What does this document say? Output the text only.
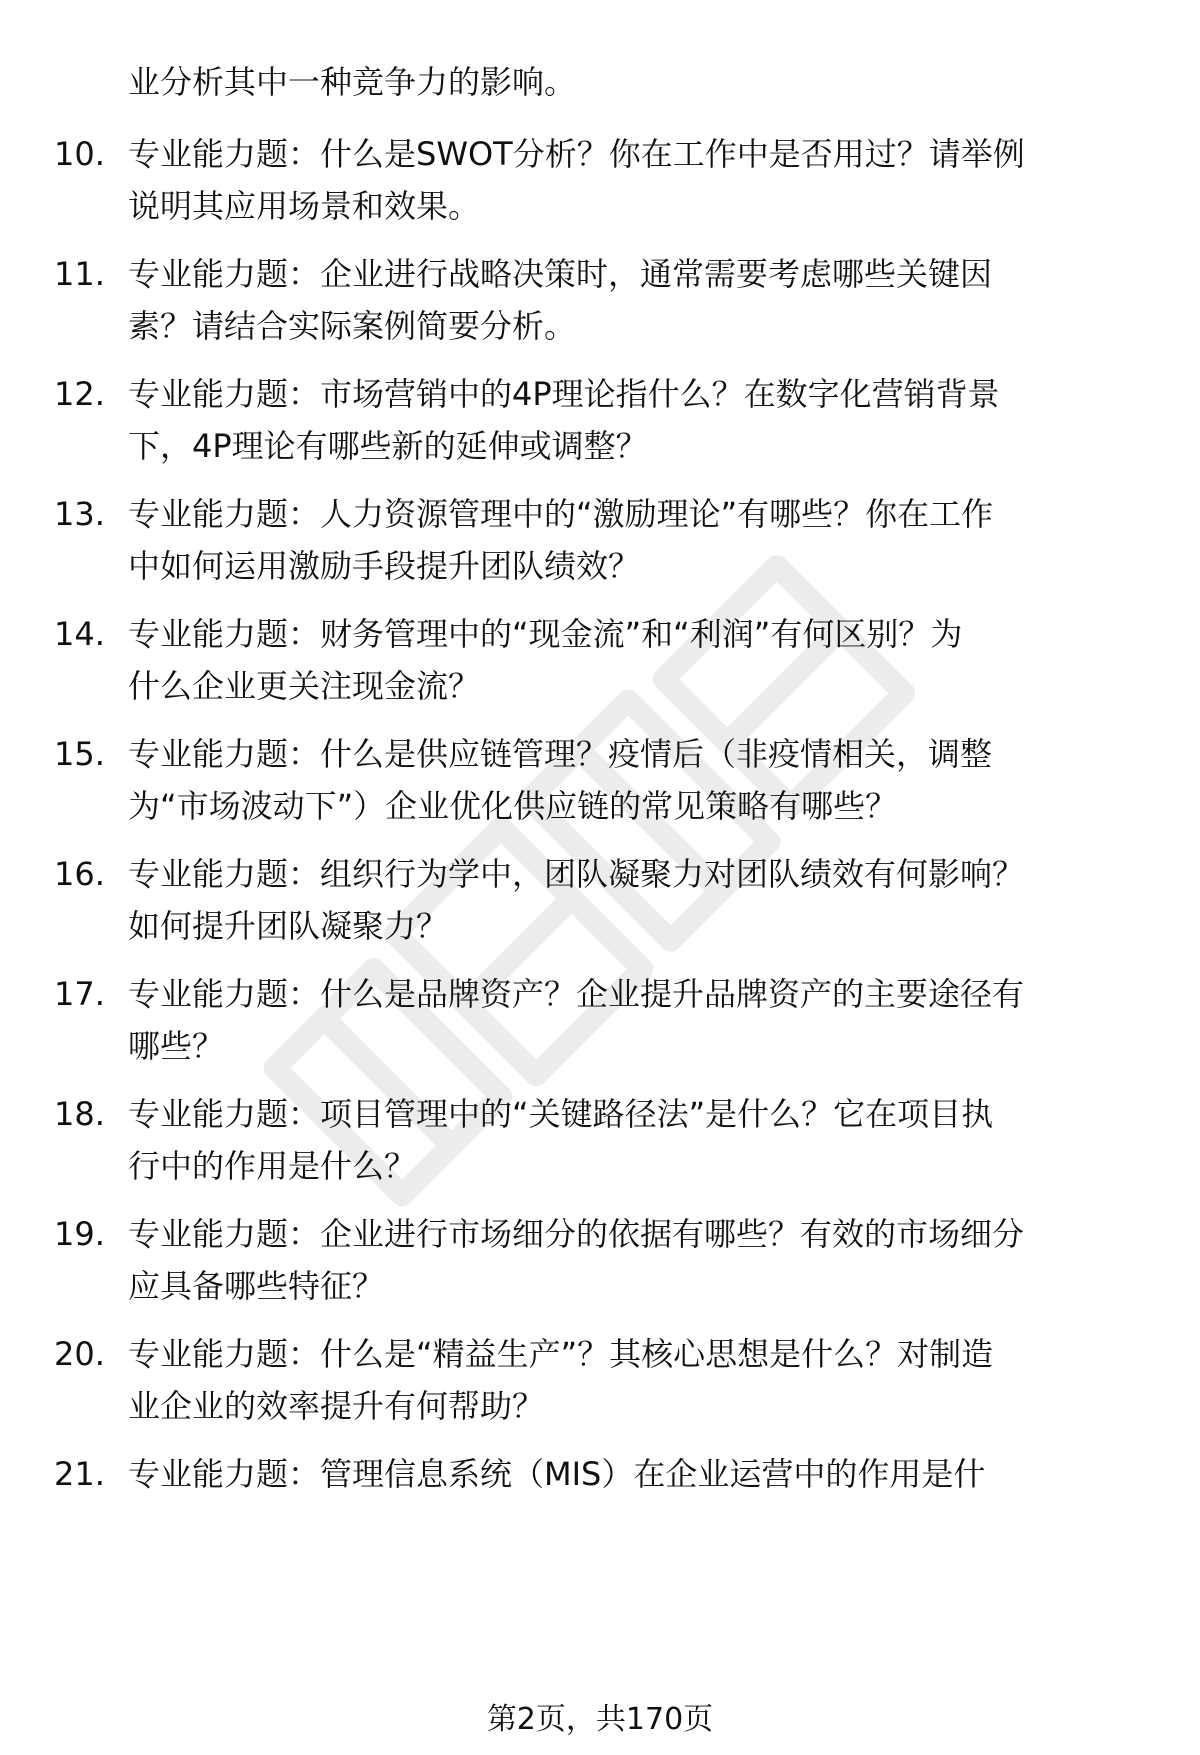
业分析其中一种竞争力的影响。
10. 专业能力题：什么是SWOT分析？你在工作中是否用过？请举例
说明其应用场景和效果。
11. 专业能力题：企业进行战略决策时，通常需要考虑哪些关键因
素？请结合实际案例简要分析。
12. 专业能力题：市场营销中的4P理论指什么？在数字化营销背景
下，4P理论有哪些新的延伸或调整？
13. 专业能力题：人力资源管理中的“激励理论”有哪些？你在工作
中如何运用激励手段提升团队绩效？
14. 专业能力题：财务管理中的“现金流”和“利润”有何区别？为
什么企业更关注现金流？
15. 专业能力题：什么是供应链管理？疫情后（非疫情相关，调整
为“市场波动下”）企业优化供应链的常见策略有哪些？
16. 专业能力题：组织行为学中，团队凝聚力对团队绩效有何影响？
如何提升团队凝聚力？
17. 专业能力题：什么是品牌资产？企业提升品牌资产的主要途径有
哪些？
18. 专业能力题：项目管理中的“关键路径法”是什么？它在项目执
行中的作用是什么？
19. 专业能力题：企业进行市场细分的依据有哪些？有效的市场细分
应具备哪些特征？
20. 专业能力题：什么是“精益生产”？其核心思想是什么？对制造
业企业的效率提升有何帮助？
21. 专业能力题：管理信息系统（MIS）在企业运营中的作用是什
第2页，共170页
